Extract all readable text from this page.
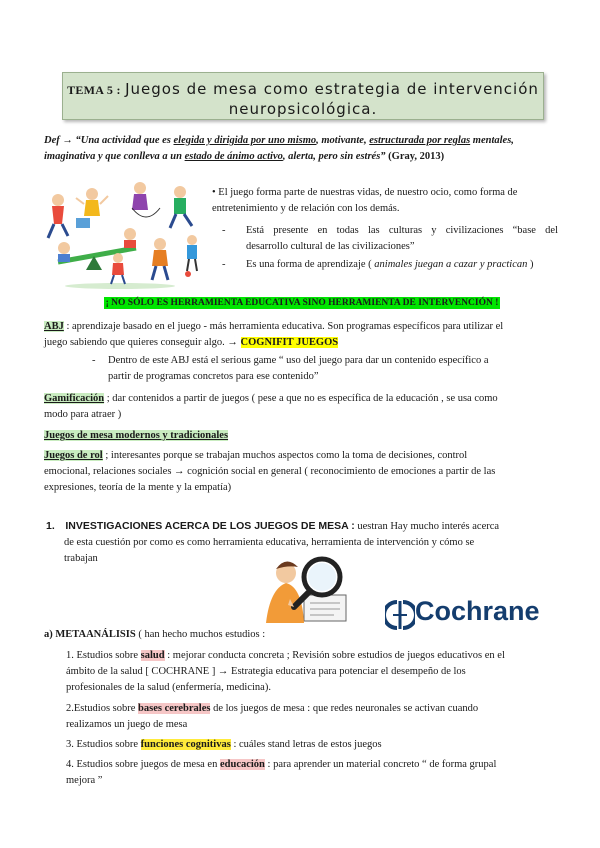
TEMA 5 : Juegos de mesa como estrategia de intervención
neuropsicológica.
Def → “Una actividad que es elegida y dirigida por uno mismo, motivante, estructurada por reglas mentales,
imaginativa y que conlleva a un estado de ánimo activo, alerta, pero sin estrés” (Gray, 2013)
• El juego forma parte de nuestras vidas, de nuestro ocio, como forma de
entretenimiento y de relación con los demás.
-	Está presente en todas las culturas y civilizaciones “base del
desarrollo cultural de las civilizaciones”
-	Es una forma de aprendizaje ( animales juegan a cazar y practican )
¡ NO SÓLO ES HERRAMIENTA EDUCATIVA SINO HERRAMIENTA DE INTERVENCIÓN !
ABJ : aprendizaje basado en el juego - más herramienta educativa. Son programas específicos para utilizar el
juego sabiendo que quieres conseguir algo. → COGNIFIT JUEGOS
- Dentro de este ABJ está el serious game “ uso del juego para dar un contenido específico a
partir de programas concretos para ese contenido”
Gamificación ; dar contenidos a partir de juegos ( pese a que no es específica de la educación , se usa como
modo para atraer )
Juegos de mesa modernos y tradicionales
Juegos de rol ; interesantes porque se trabajan muchos aspectos como la toma de decisiones, control
emocional, relaciones sociales → cognición social en general ( reconocimiento de emociones a partir de las
expresiones, teoría de la mente y la empatía)
1. INVESTIGACIONES ACERCA DE LOS JUEGOS DE MESA : uestran Hay mucho interés acerca
de esta cuestión por como es como herramienta educativa, herramienta de intervención y cómo se
trabajan
Cochrane
a) METAANÁLISIS ( han hecho muchos estudios :
1. Estudios sobre salud : mejorar conducta concreta ; Revisión sobre estudios de juegos educativos en el
ámbito de la salud [ COCHRANE ] → Estrategia educativa para potenciar el desempeño de los
profesionales de la salud (enfermería, medicina).
2.Estudios sobre bases cerebrales de los juegos de mesa : que redes neuronales se activan cuando
realizamos un juego de mesa
3. Estudios sobre funciones cognitivas : cuáles stand letras de estos juegos
4. Estudios sobre juegos de mesa en educación : para aprender un material concreto “ de forma grupal
mejora ”
